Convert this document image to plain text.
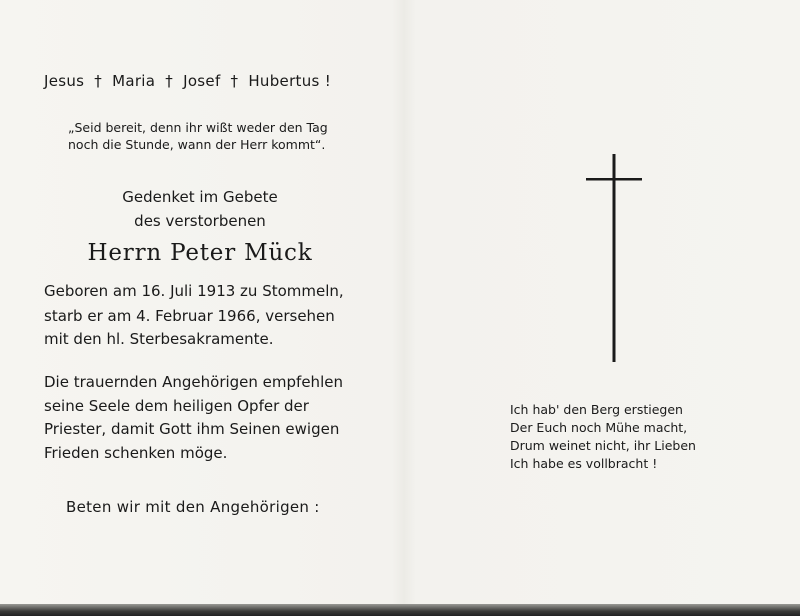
Jesus † Maria † Josef † Hubertus !
„Seid bereit, denn ihr wißt weder den Tag
noch die Stunde, wann der Herr kommt“.
Gedenket im Gebete
des verstorbenen
Herrn Peter Mück
Geboren am 16. Juli 1913 zu Stommeln,
starb er am 4. Februar 1966, versehen
mit den hl. Sterbesakramente.
Die trauernden Angehörigen empfehlen
seine Seele dem heiligen Opfer der
Priester, damit Gott ihm Seinen ewigen
Frieden schenken möge.
Beten wir mit den Angehörigen :
Ich hab' den Berg erstiegen
Der Euch noch Mühe macht,
Drum weinet nicht, ihr Lieben
Ich habe es vollbracht !
